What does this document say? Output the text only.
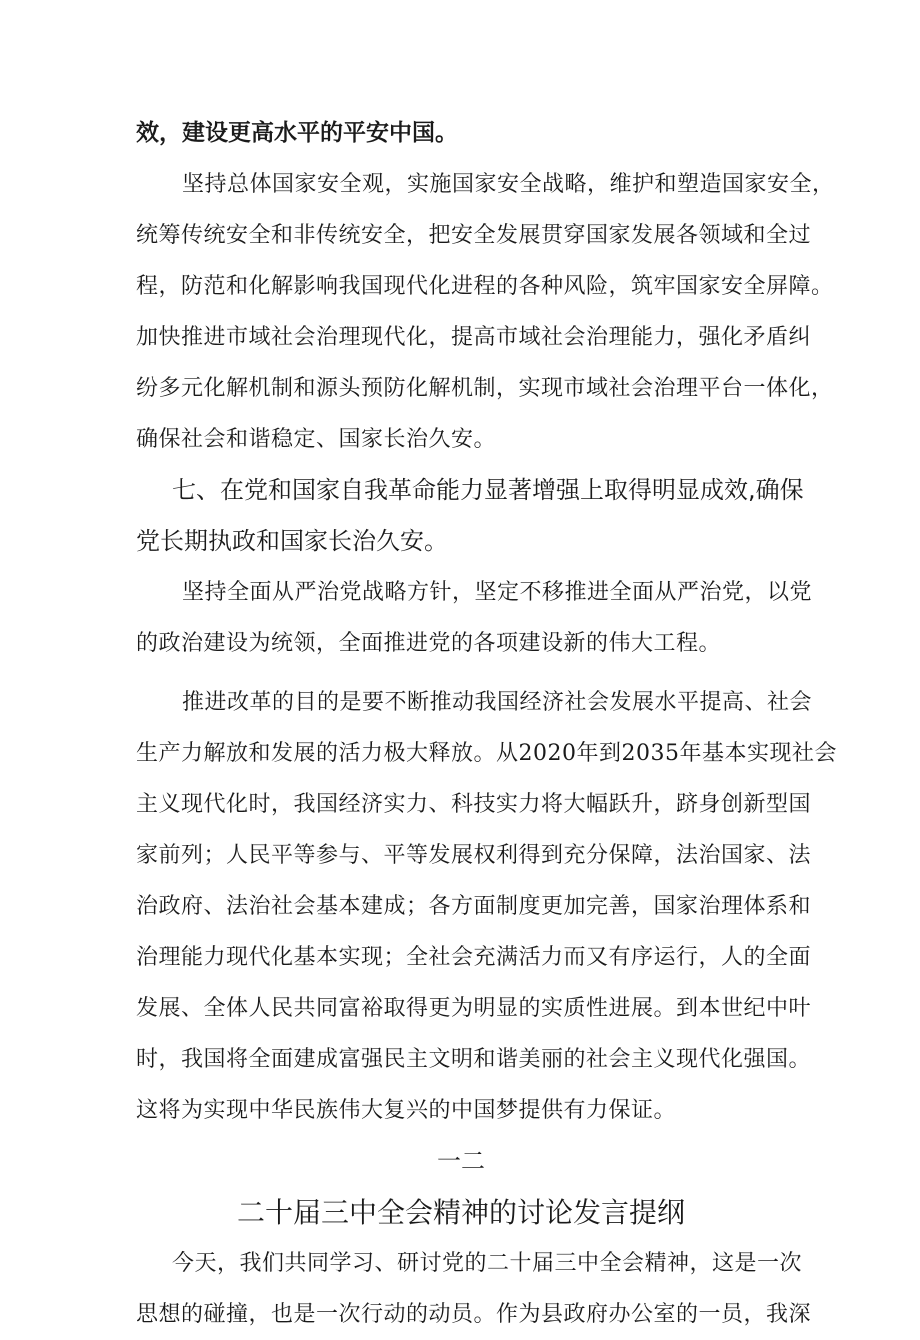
效，建设更高水平的平安中国。
坚持总体国家安全观，实施国家安全战略，维护和塑造国家安全，
统筹传统安全和非传统安全，把安全发展贯穿国家发展各领域和全过
程，防范和化解影响我国现代化进程的各种风险，筑牢国家安全屏障。
加快推进市域社会治理现代化，提高市域社会治理能力，强化矛盾纠
纷多元化解机制和源头预防化解机制，实现市域社会治理平台一体化，
确保社会和谐稳定、国家长治久安。
七、在党和国家自我革命能力显著增强上取得明显成效,确保
党长期执政和国家长治久安。
坚持全面从严治党战略方针，坚定不移推进全面从严治党，以党
的政治建设为统领，全面推进党的各项建设新的伟大工程。
推进改革的目的是要不断推动我国经济社会发展水平提高、社会
生产力解放和发展的活力极大释放。从2020年到2035年基本实现社会
主义现代化时，我国经济实力、科技实力将大幅跃升，跻身创新型国
家前列；人民平等参与、平等发展权利得到充分保障，法治国家、法
治政府、法治社会基本建成；各方面制度更加完善，国家治理体系和
治理能力现代化基本实现；全社会充满活力而又有序运行，人的全面
发展、全体人民共同富裕取得更为明显的实质性进展。到本世纪中叶
时，我国将全面建成富强民主文明和谐美丽的社会主义现代化强国。
这将为实现中华民族伟大复兴的中国梦提供有力保证。
一二
二十届三中全会精神的讨论发言提纲
今天，我们共同学习、研讨党的二十届三中全会精神，这是一次
思想的碰撞，也是一次行动的动员。作为县政府办公室的一员，我深
